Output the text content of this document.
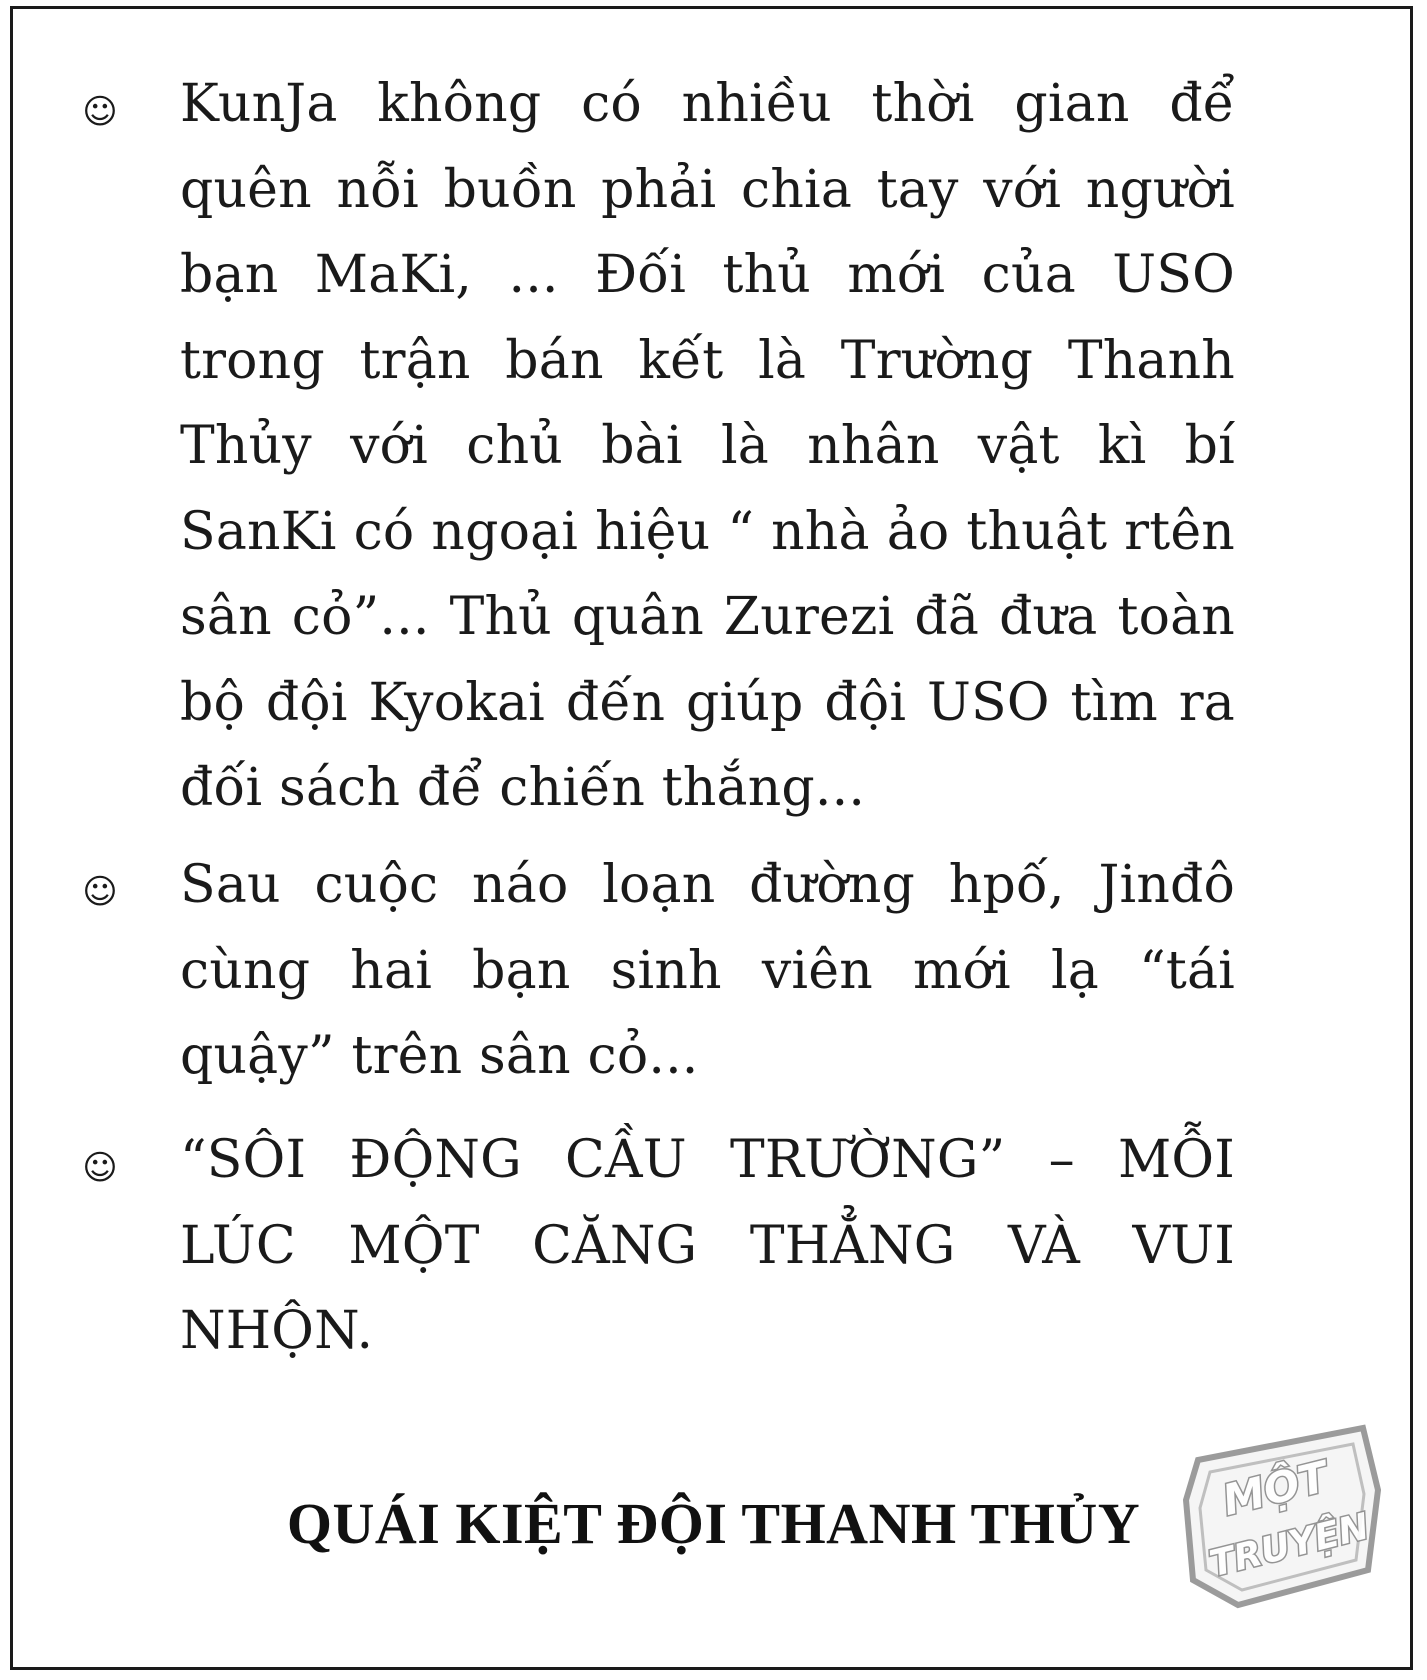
☺ KunJa không có nhiều thời gian để quên nỗi buồn phải chia tay với người bạn MaKi, ... Đối thủ mới của USO trong trận bán kết là Trường Thanh Thủy với chủ bài là nhân vật kì bí SanKi có ngoại hiệu “ nhà ảo thuật rtên sân cỏ”... Thủ quân Zurezi đã đưa toàn bộ đội Kyokai đến giúp đội USO tìm ra đối sách để chiến thắng...
☺ Sau cuộc náo loạn đường hpố, Jinđô cùng hai bạn sinh viên mới lạ “tái quậy” trên sân cỏ...
☺ “SÔI ĐỘNG CẦU TRƯỜNG” – MỖI LÚC MỘT CĂNG THẲNG VÀ VUI NHỘN.
QUÁI KIỆT ĐỘI THANH THỦY	MỘT
TRUYỆN
